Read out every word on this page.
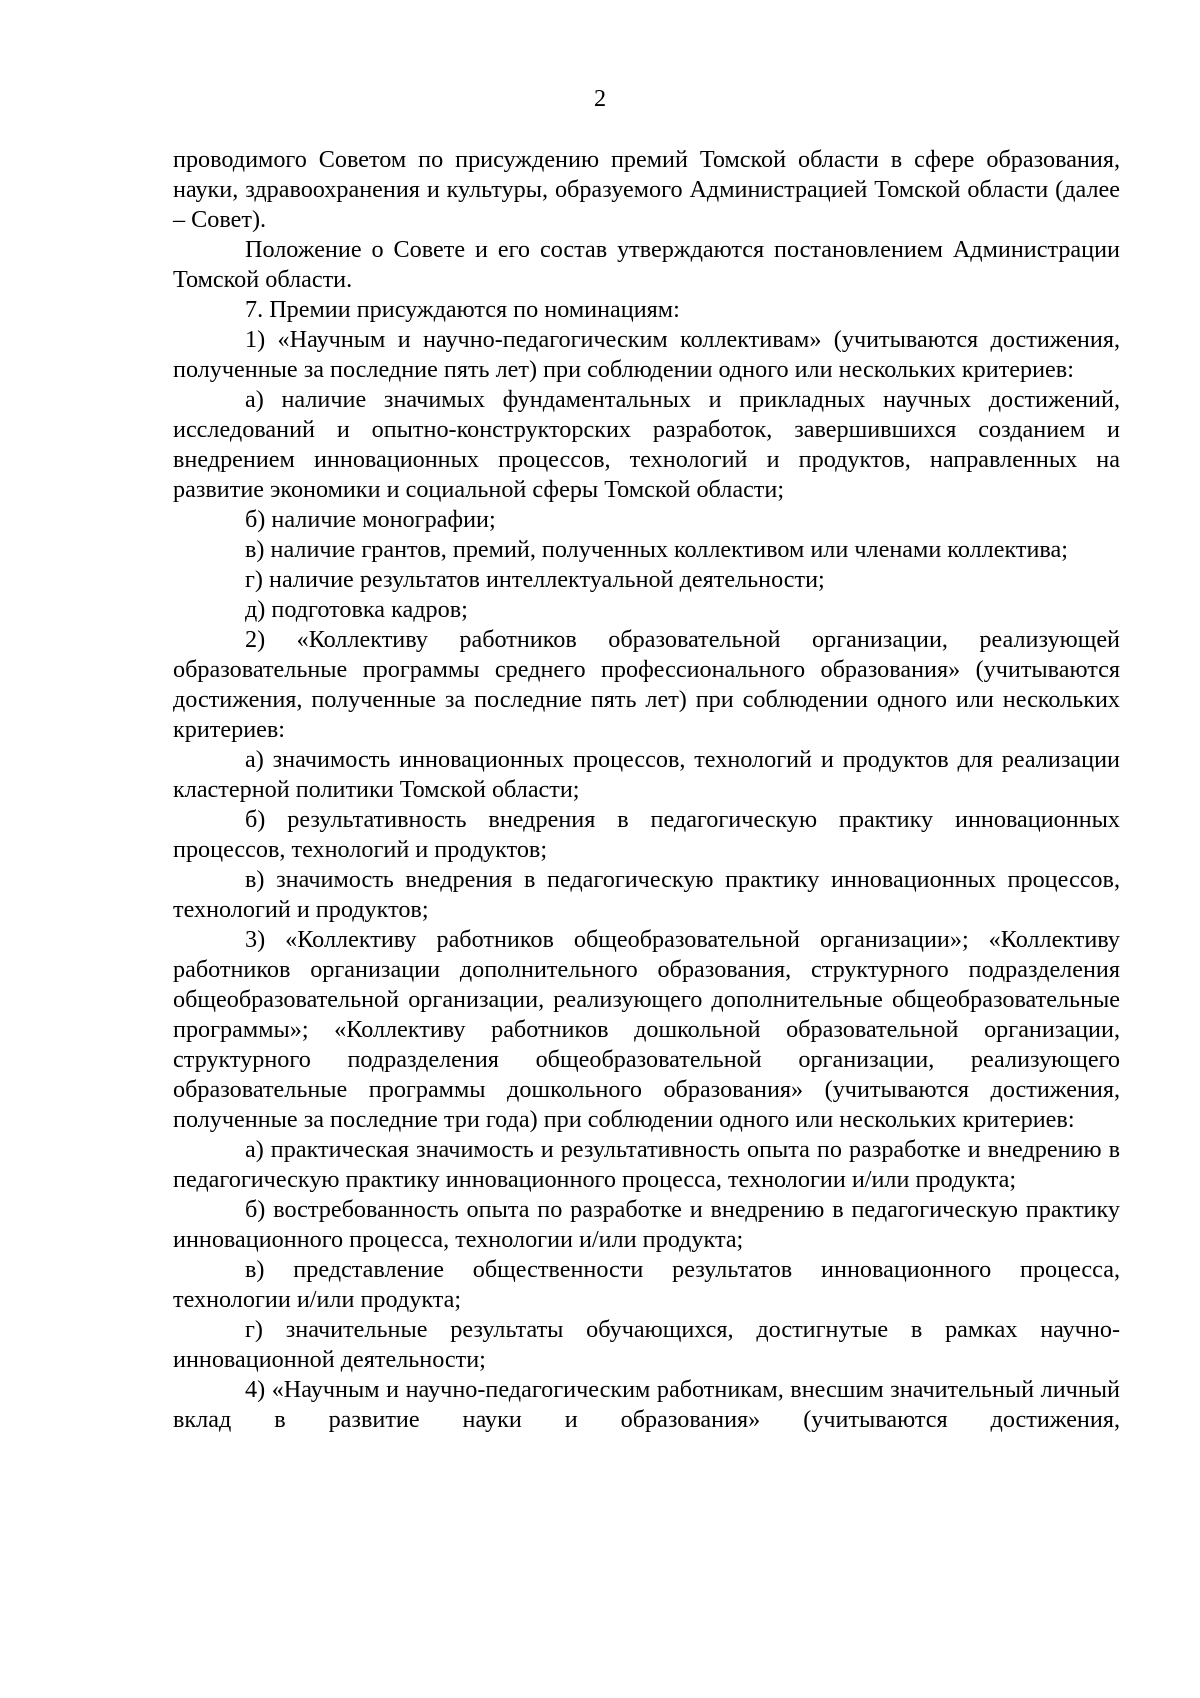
2

проводимого Советом по присуждению премий Томской области в сфере образования, науки, здравоохранения и культуры, образуемого Администрацией Томской области (далее – Совет).

Положение о Совете и его состав утверждаются постановлением Администрации Томской области.

7. Премии присуждаются по номинациям:

1) «Научным и научно-педагогическим коллективам» (учитываются достижения, полученные за последние пять лет) при соблюдении одного или нескольких критериев:

а) наличие значимых фундаментальных и прикладных научных достижений, исследований и опытно-конструкторских разработок, завершившихся созданием и внедрением инновационных процессов, технологий и продуктов, направленных на развитие экономики и социальной сферы Томской области;

б) наличие монографии;

в) наличие грантов, премий, полученных коллективом или членами коллектива;

г) наличие результатов интеллектуальной деятельности;

д) подготовка кадров;

2) «Коллективу работников образовательной организации, реализующей образовательные программы среднего профессионального образования» (учитываются достижения, полученные за последние пять лет) при соблюдении одного или нескольких критериев:

а) значимость инновационных процессов, технологий и продуктов для реализации кластерной политики Томской области;

б) результативность внедрения в педагогическую практику инновационных процессов, технологий и продуктов;

в) значимость внедрения в педагогическую практику инновационных процессов, технологий и продуктов;

3) «Коллективу работников общеобразовательной организации»; «Коллективу работников организации дополнительного образования, структурного подразделения общеобразовательной организации, реализующего дополнительные общеобразовательные программы»; «Коллективу работников дошкольной образовательной организации, структурного подразделения общеобразовательной организации, реализующего образовательные программы дошкольного образования» (учитываются достижения, полученные за последние три года) при соблюдении одного или нескольких критериев:

а) практическая значимость и результативность опыта по разработке и внедрению в педагогическую практику инновационного процесса, технологии и/или продукта;

б) востребованность опыта по разработке и внедрению в педагогическую практику инновационного процесса, технологии и/или продукта;

в) представление общественности результатов инновационного процесса, технологии и/или продукта;

г) значительные результаты обучающихся, достигнутые в рамках научно-инновационной деятельности;

4) «Научным и научно-педагогическим работникам, внесшим значительный личный вклад в развитие науки и образования» (учитываются достижения,
